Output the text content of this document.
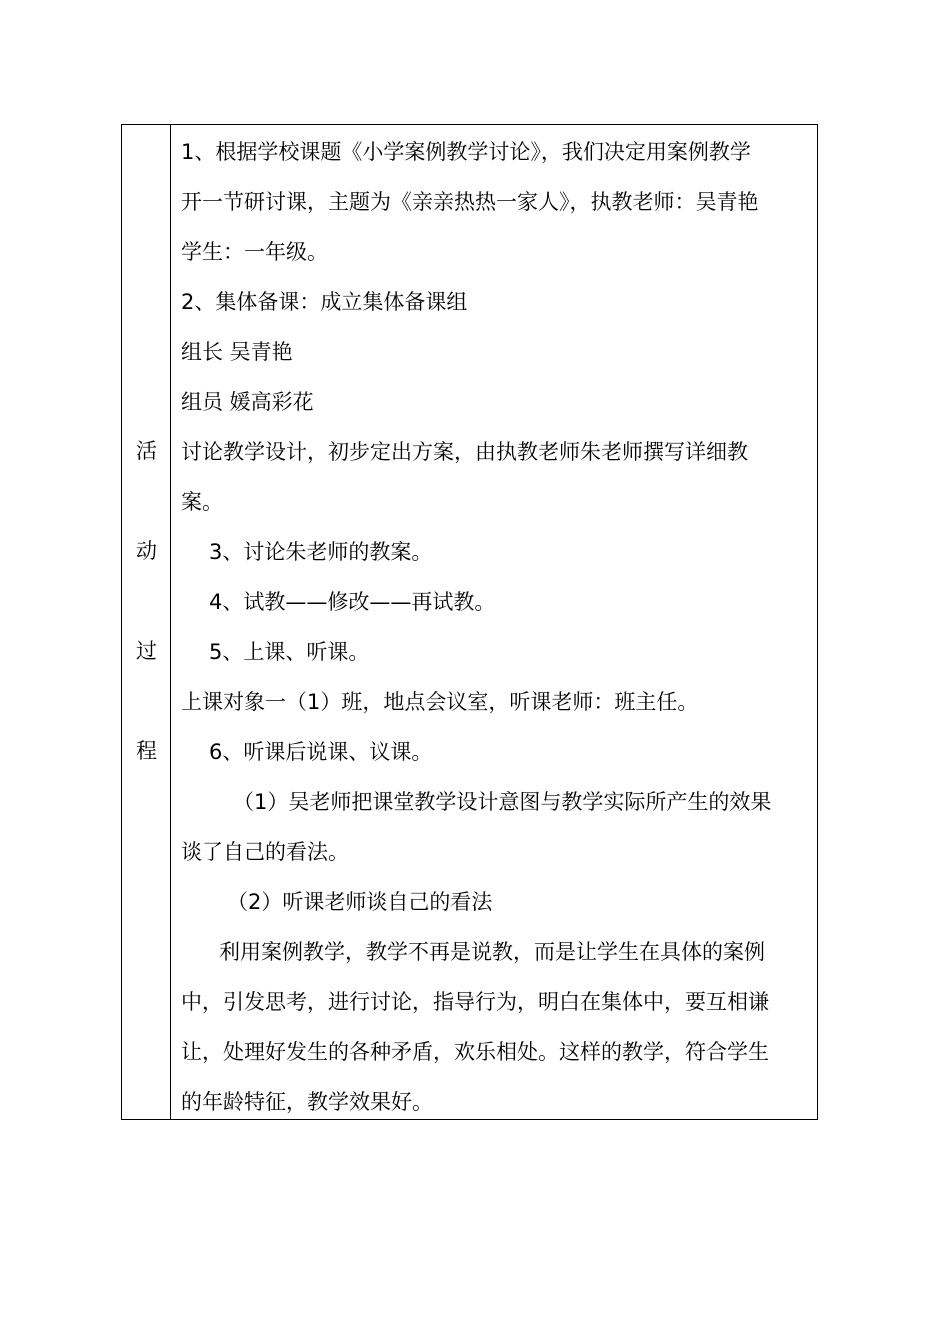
活
动
过
程
1、根据学校课题《小学案例教学讨论》，我们决定用案例教学
开一节研讨课，主题为《亲亲热热一家人》，执教老师：吴青艳
学生：一年级。
2、集体备课：成立集体备课组
组长 吴青艳
组员 媛高彩花
讨论教学设计，初步定出方案，由执教老师朱老师撰写详细教
案。
3、讨论朱老师的教案。
4、试教——修改——再试教。
5、上课、听课。
上课对象一（1）班，地点会议室，听课老师：班主任。
6、听课后说课、议课。
（1）吴老师把课堂教学设计意图与教学实际所产生的效果
谈了自己的看法。
（2）听课老师谈自己的看法
利用案例教学，教学不再是说教，而是让学生在具体的案例
中，引发思考，进行讨论，指导行为，明白在集体中，要互相谦
让，处理好发生的各种矛盾，欢乐相处。这样的教学，符合学生
的年龄特征，教学效果好。
